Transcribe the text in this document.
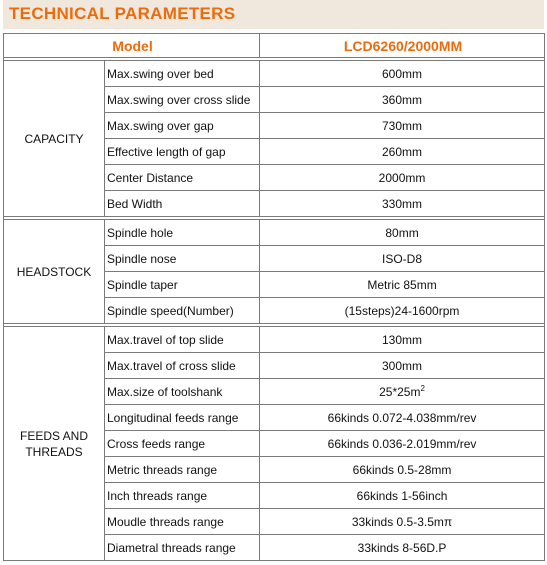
TECHNICAL PARAMETERS
Model		LCD6260/2000MM

CAPACITY	Max.swing over bed	600mm
	Max.swing over cross slide	360mm
	Max.swing over gap	730mm
	Effective length of gap	260mm
	Center Distance	2000mm
	Bed Width	330mm

HEADSTOCK	Spindle hole	80mm
	Spindle nose	ISO-D8
	Spindle taper	Metric 85mm
	Spindle speed(Number)	(15steps)24-1600rpm

FEEDS AND THREADS	Max.travel of top slide	130mm
	Max.travel of cross slide	300mm
	Max.size of toolshank	$25*25m^2$
	Longitudinal feeds range	66kinds 0.072-4.038mm/rev
	Cross feeds range	66kinds 0.036-2.019mm/rev
	Metric threads range	66kinds 0.5-28mm
	Inch threads range	66kinds 1-56inch
	Moudle threads range	33kinds 0.5-3.5mπ
	Diametral threads range	33kinds 8-56D.P
